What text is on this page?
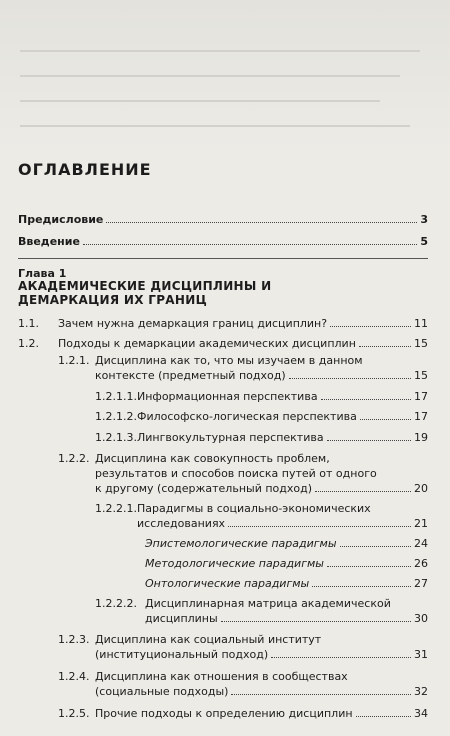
ОГЛАВЛЕНИЕ
Предисловие	3
Введение	5
Глава 1
АКАДЕМИЧЕСКИЕ ДИСЦИПЛИНЫ И ДЕМАРКАЦИЯ ИХ ГРАНИЦ
1.1.	Зачем нужна демаркация границ дисциплин?	11
1.2.	Подходы к демаркации академических дисциплин	15
1.2.1. Дисциплина как то, что мы изучаем в данном
контексте (предметный подход)	15
1.2.1.1. Информационная перспектива	17
1.2.1.2. Философско-логическая перспектива	17
1.2.1.3. Лингвокультурная перспектива	19
1.2.2. Дисциплина как совокупность проблем,
результатов и способов поиска путей от одного
к другому (содержательный подход)	20
1.2.2.1. Парадигмы в социально-экономических
исследованиях	21
Эпистемологические парадигмы	24
Методологические парадигмы	26
Онтологические парадигмы	27
1.2.2.2. Дисциплинарная матрица академической
дисциплины	30
1.2.3. Дисциплина как социальный институт
(институциональный подход)	31
1.2.4. Дисциплина как отношения в сообществах
(социальные подходы)	32
1.2.5. Прочие подходы к определению дисциплин	34
